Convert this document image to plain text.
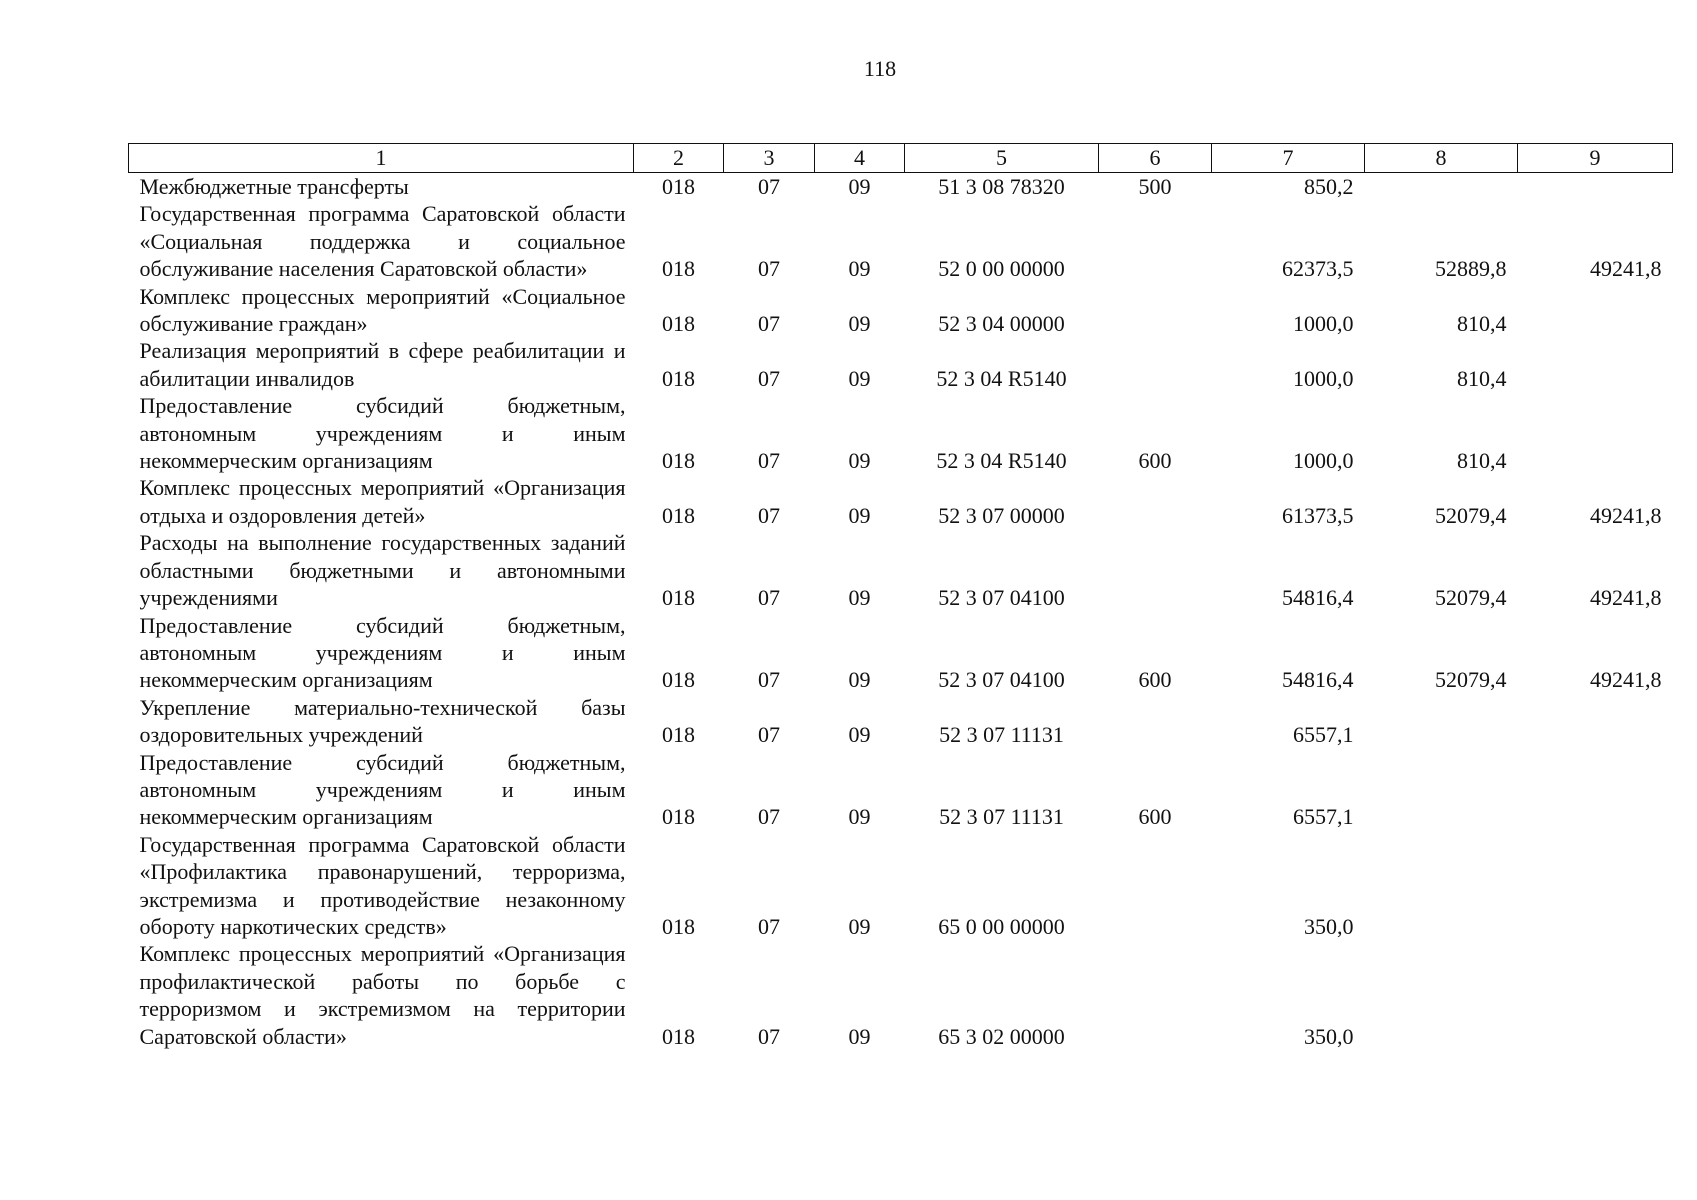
118
1	2	3	4	5	6	7	8	9
Межбюджетные трансферты	018	07	09	51 3 08 78320	500	850,2		
Государственная программа Саратовской области «Социальная поддержка и социальное обслуживание населения Саратовской области»	018	07	09	52 0 00 00000		62373,5	52889,8	49241,8
Комплекс процессных мероприятий «Социальное обслуживание граждан»	018	07	09	52 3 04 00000		1000,0	810,4	
Реализация мероприятий в сфере реабилитации и абилитации инвалидов	018	07	09	52 3 04 R5140		1000,0	810,4	
Предоставление субсидий бюджетным, автономным учреждениям и иным некоммерческим организациям	018	07	09	52 3 04 R5140	600	1000,0	810,4	
Комплекс процессных мероприятий «Организация отдыха и оздоровления детей»	018	07	09	52 3 07 00000		61373,5	52079,4	49241,8
Расходы на выполнение государственных заданий областными бюджетными и автономными учреждениями	018	07	09	52 3 07 04100		54816,4	52079,4	49241,8
Предоставление субсидий бюджетным, автономным учреждениям и иным некоммерческим организациям	018	07	09	52 3 07 04100	600	54816,4	52079,4	49241,8
Укрепление материально-технической базы оздоровительных учреждений	018	07	09	52 3 07 11131		6557,1		
Предоставление субсидий бюджетным, автономным учреждениям и иным некоммерческим организациям	018	07	09	52 3 07 11131	600	6557,1		
Государственная программа Саратовской области «Профилактика правонарушений, терроризма, экстремизма и противодействие незаконному обороту наркотических средств»	018	07	09	65 0 00 00000		350,0		
Комплекс процессных мероприятий «Организация профилактической работы по борьбе с терроризмом и экстремизмом на территории Саратовской области»	018	07	09	65 3 02 00000		350,0		
